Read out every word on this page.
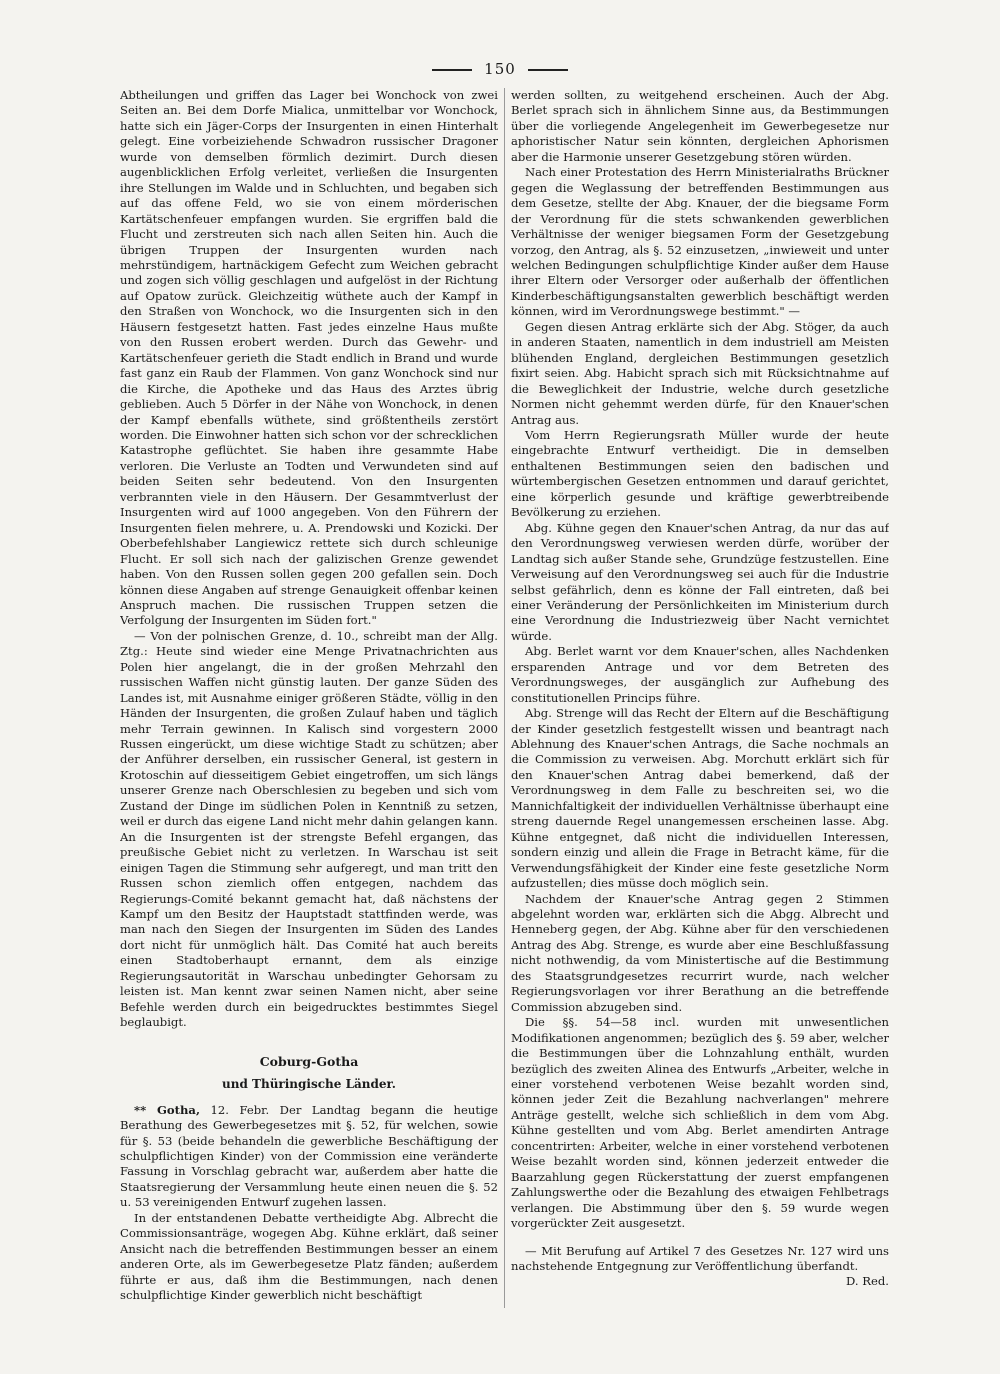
150

Abtheilungen und griffen das Lager bei Wonchock von zwei Seiten an. Bei dem Dorfe Mialica, unmittelbar vor Wonchock, hatte sich ein Jäger-Corps der Insurgenten in einen Hinterhalt gelegt. Eine vorbeiziehende Schwadron russischer Dragoner wurde von demselben förmlich dezimirt. Durch diesen augenblicklichen Erfolg verleitet, verließen die Insurgenten ihre Stellungen im Walde und in Schluchten, und begaben sich auf das offene Feld, wo sie von einem mörderischen Kartätschenfeuer empfangen wurden. Sie ergriffen bald die Flucht und zerstreuten sich nach allen Seiten hin. Auch die übrigen Truppen der Insurgenten wurden nach mehrstündigem, hartnäckigem Gefecht zum Weichen gebracht und zogen sich völlig geschlagen und aufgelöst in der Richtung auf Opatow zurück. Gleichzeitig wüthete auch der Kampf in den Straßen von Wonchock, wo die Insurgenten sich in den Häusern festgesetzt hatten. Fast jedes einzelne Haus mußte von den Russen erobert werden. Durch das Gewehr- und Kartätschenfeuer gerieth die Stadt endlich in Brand und wurde fast ganz ein Raub der Flammen. Von ganz Wonchock sind nur die Kirche, die Apotheke und das Haus des Arztes übrig geblieben. Auch 5 Dörfer in der Nähe von Wonchock, in denen der Kampf ebenfalls wüthete, sind größtentheils zerstört worden. Die Einwohner hatten sich schon vor der schrecklichen Katastrophe geflüchtet. Sie haben ihre gesammte Habe verloren. Die Verluste an Todten und Verwundeten sind auf beiden Seiten sehr bedeutend. Von den Insurgenten verbrannten viele in den Häusern. Der Gesammtverlust der Insurgenten wird auf 1000 angegeben. Von den Führern der Insurgenten fielen mehrere, u. A. Prendowski und Kozicki. Der Oberbefehlshaber Langiewicz rettete sich durch schleunige Flucht. Er soll sich nach der galizischen Grenze gewendet haben. Von den Russen sollen gegen 200 gefallen sein. Doch können diese Angaben auf strenge Genauigkeit offenbar keinen Anspruch machen. Die russischen Truppen setzen die Verfolgung der Insurgenten im Süden fort."

— Von der polnischen Grenze, d. 10., schreibt man der Allg. Ztg.: Heute sind wieder eine Menge Privatnachrichten aus Polen hier angelangt, die in der großen Mehrzahl den russischen Waffen nicht günstig lauten. Der ganze Süden des Landes ist, mit Ausnahme einiger größeren Städte, völlig in den Händen der Insurgenten, die großen Zulauf haben und täglich mehr Terrain gewinnen. In Kalisch sind vorgestern 2000 Russen eingerückt, um diese wichtige Stadt zu schützen; aber der Anführer derselben, ein russischer General, ist gestern in Krotoschin auf diesseitigem Gebiet eingetroffen, um sich längs unserer Grenze nach Oberschlesien zu begeben und sich vom Zustand der Dinge im südlichen Polen in Kenntniß zu setzen, weil er durch das eigene Land nicht mehr dahin gelangen kann. An die Insurgenten ist der strengste Befehl ergangen, das preußische Gebiet nicht zu verletzen. In Warschau ist seit einigen Tagen die Stimmung sehr aufgeregt, und man tritt den Russen schon ziemlich offen entgegen, nachdem das Regierungs-Comité bekannt gemacht hat, daß nächstens der Kampf um den Besitz der Hauptstadt stattfinden werde, was man nach den Siegen der Insurgenten im Süden des Landes dort nicht für unmöglich hält. Das Comité hat auch bereits einen Stadtoberhaupt ernannt, dem als einzige Regierungsautorität in Warschau unbedingter Gehorsam zu leisten ist. Man kennt zwar seinen Namen nicht, aber seine Befehle werden durch ein beigedrucktes bestimmtes Siegel beglaubigt.

Coburg-Gotha
und Thüringische Länder.

** Gotha, 12. Febr. Der Landtag begann die heutige Berathung des Gewerbegesetzes mit §. 52, für welchen, sowie für §. 53 (beide behandeln die gewerbliche Beschäftigung der schulpflichtigen Kinder) von der Commission eine veränderte Fassung in Vorschlag gebracht war, außerdem aber hatte die Staatsregierung der Versammlung heute einen neuen die §. 52 u. 53 vereinigenden Entwurf zugehen lassen.

In der entstandenen Debatte vertheidigte Abg. Albrecht die Commissionsanträge, wogegen Abg. Kühne erklärt, daß seiner Ansicht nach die betreffenden Bestimmungen besser an einem anderen Orte, als im Gewerbegesetze Platz fänden; außerdem führte er aus, daß ihm die Bestimmungen, nach denen schulpflichtige Kinder gewerblich nicht beschäftigt

werden sollten, zu weitgehend erscheinen. Auch der Abg. Berlet sprach sich in ähnlichem Sinne aus, da Bestimmungen über die vorliegende Angelegenheit im Gewerbegesetze nur aphoristischer Natur sein könnten, dergleichen Aphorismen aber die Harmonie unserer Gesetzgebung stören würden.

Nach einer Protestation des Herrn Ministerialraths Brückner gegen die Weglassung der betreffenden Bestimmungen aus dem Gesetze, stellte der Abg. Knauer, der die biegsame Form der Verordnung für die stets schwankenden gewerblichen Verhältnisse der weniger biegsamen Form der Gesetzgebung vorzog, den Antrag, als §. 52 einzusetzen, „inwieweit und unter welchen Bedingungen schulpflichtige Kinder außer dem Hause ihrer Eltern oder Versorger oder außerhalb der öffentlichen Kinderbeschäftigungsanstalten gewerblich beschäftigt werden können, wird im Verordnungswege bestimmt." —

Gegen diesen Antrag erklärte sich der Abg. Stöger, da auch in anderen Staaten, namentlich in dem industriell am Meisten blühenden England, dergleichen Bestimmungen gesetzlich fixirt seien. Abg. Habicht sprach sich mit Rücksichtnahme auf die Beweglichkeit der Industrie, welche durch gesetzliche Normen nicht gehemmt werden dürfe, für den Knauer'schen Antrag aus.

Vom Herrn Regierungsrath Müller wurde der heute eingebrachte Entwurf vertheidigt. Die in demselben enthaltenen Bestimmungen seien den badischen und würtembergischen Gesetzen entnommen und darauf gerichtet, eine körperlich gesunde und kräftige gewerbtreibende Bevölkerung zu erziehen.

Abg. Kühne gegen den Knauer'schen Antrag, da nur das auf den Verordnungsweg verwiesen werden dürfe, worüber der Landtag sich außer Stande sehe, Grundzüge festzustellen. Eine Verweisung auf den Verordnungsweg sei auch für die Industrie selbst gefährlich, denn es könne der Fall eintreten, daß bei einer Veränderung der Persönlichkeiten im Ministerium durch eine Verordnung die Industriezweig über Nacht vernichtet würde.

Abg. Berlet warnt vor dem Knauer'schen, alles Nachdenken ersparenden Antrage und vor dem Betreten des Verordnungsweges, der ausgänglich zur Aufhebung des constitutionellen Princips führe.

Abg. Strenge will das Recht der Eltern auf die Beschäftigung der Kinder gesetzlich festgestellt wissen und beantragt nach Ablehnung des Knauer'schen Antrags, die Sache nochmals an die Commission zu verweisen. Abg. Morchutt erklärt sich für den Knauer'schen Antrag dabei bemerkend, daß der Verordnungsweg in dem Falle zu beschreiten sei, wo die Mannichfaltigkeit der individuellen Verhältnisse überhaupt eine streng dauernde Regel unangemessen erscheinen lasse. Abg. Kühne entgegnet, daß nicht die individuellen Interessen, sondern einzig und allein die Frage in Betracht käme, für die Verwendungsfähigkeit der Kinder eine feste gesetzliche Norm aufzustellen; dies müsse doch möglich sein.

Nachdem der Knauer'sche Antrag gegen 2 Stimmen abgelehnt worden war, erklärten sich die Abgg. Albrecht und Henneberg gegen, der Abg. Kühne aber für den verschiedenen Antrag des Abg. Strenge, es wurde aber eine Beschlußfassung nicht nothwendig, da vom Ministertische auf die Bestimmung des Staatsgrundgesetzes recurrirt wurde, nach welcher Regierungsvorlagen vor ihrer Berathung an die betreffende Commission abzugeben sind.

Die §§. 54—58 incl. wurden mit unwesentlichen Modifikationen angenommen; bezüglich des §. 59 aber, welcher die Bestimmungen über die Lohnzahlung enthält, wurden bezüglich des zweiten Alinea des Entwurfs „Arbeiter, welche in einer vorstehend verbotenen Weise bezahlt worden sind, können jeder Zeit die Bezahlung nachverlangen" mehrere Anträge gestellt, welche sich schließlich in dem vom Abg. Kühne gestellten und vom Abg. Berlet amendirten Antrage concentrirten: Arbeiter, welche in einer vorstehend verbotenen Weise bezahlt worden sind, können jederzeit entweder die Baarzahlung gegen Rückerstattung der zuerst empfangenen Zahlungswerthe oder die Bezahlung des etwaigen Fehlbetrags verlangen. Die Abstimmung über den §. 59 wurde wegen vorgerückter Zeit ausgesetzt.

— Mit Berufung auf Artikel 7 des Gesetzes Nr. 127 wird uns nachstehende Entgegnung zur Veröffentlichung überfandt.

D. Red.
